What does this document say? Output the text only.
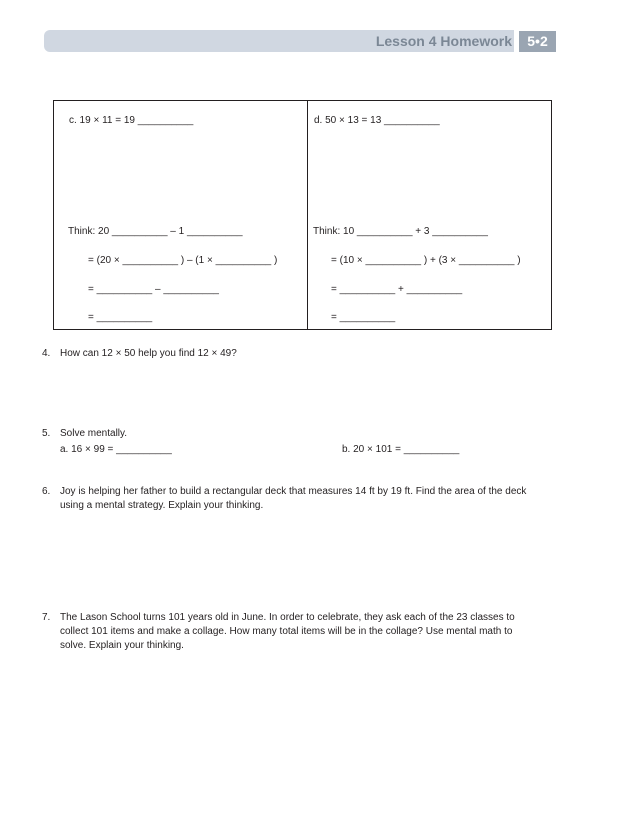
Lesson 4 Homework	5•2
c. 19 × 11 = 19 __________
Think: 20 __________ – 1 __________
= (20 × __________ ) – (1 × __________ )
= __________ – __________
= __________
d. 50 × 13 = 13 __________
Think: 10 __________ + 3 __________
= (10 × __________ ) + (3 × __________ )
= __________ + __________
= __________
4. How can 12 × 50 help you find 12 × 49?
5. Solve mentally.
a. 16 × 99 = __________	b. 20 × 101 = __________
6. Joy is helping her father to build a rectangular deck that measures 14 ft by 19 ft. Find the area of the deck
using a mental strategy. Explain your thinking.
7. The Lason School turns 101 years old in June. In order to celebrate, they ask each of the 23 classes to
collect 101 items and make a collage. How many total items will be in the collage? Use mental math to
solve. Explain your thinking.
